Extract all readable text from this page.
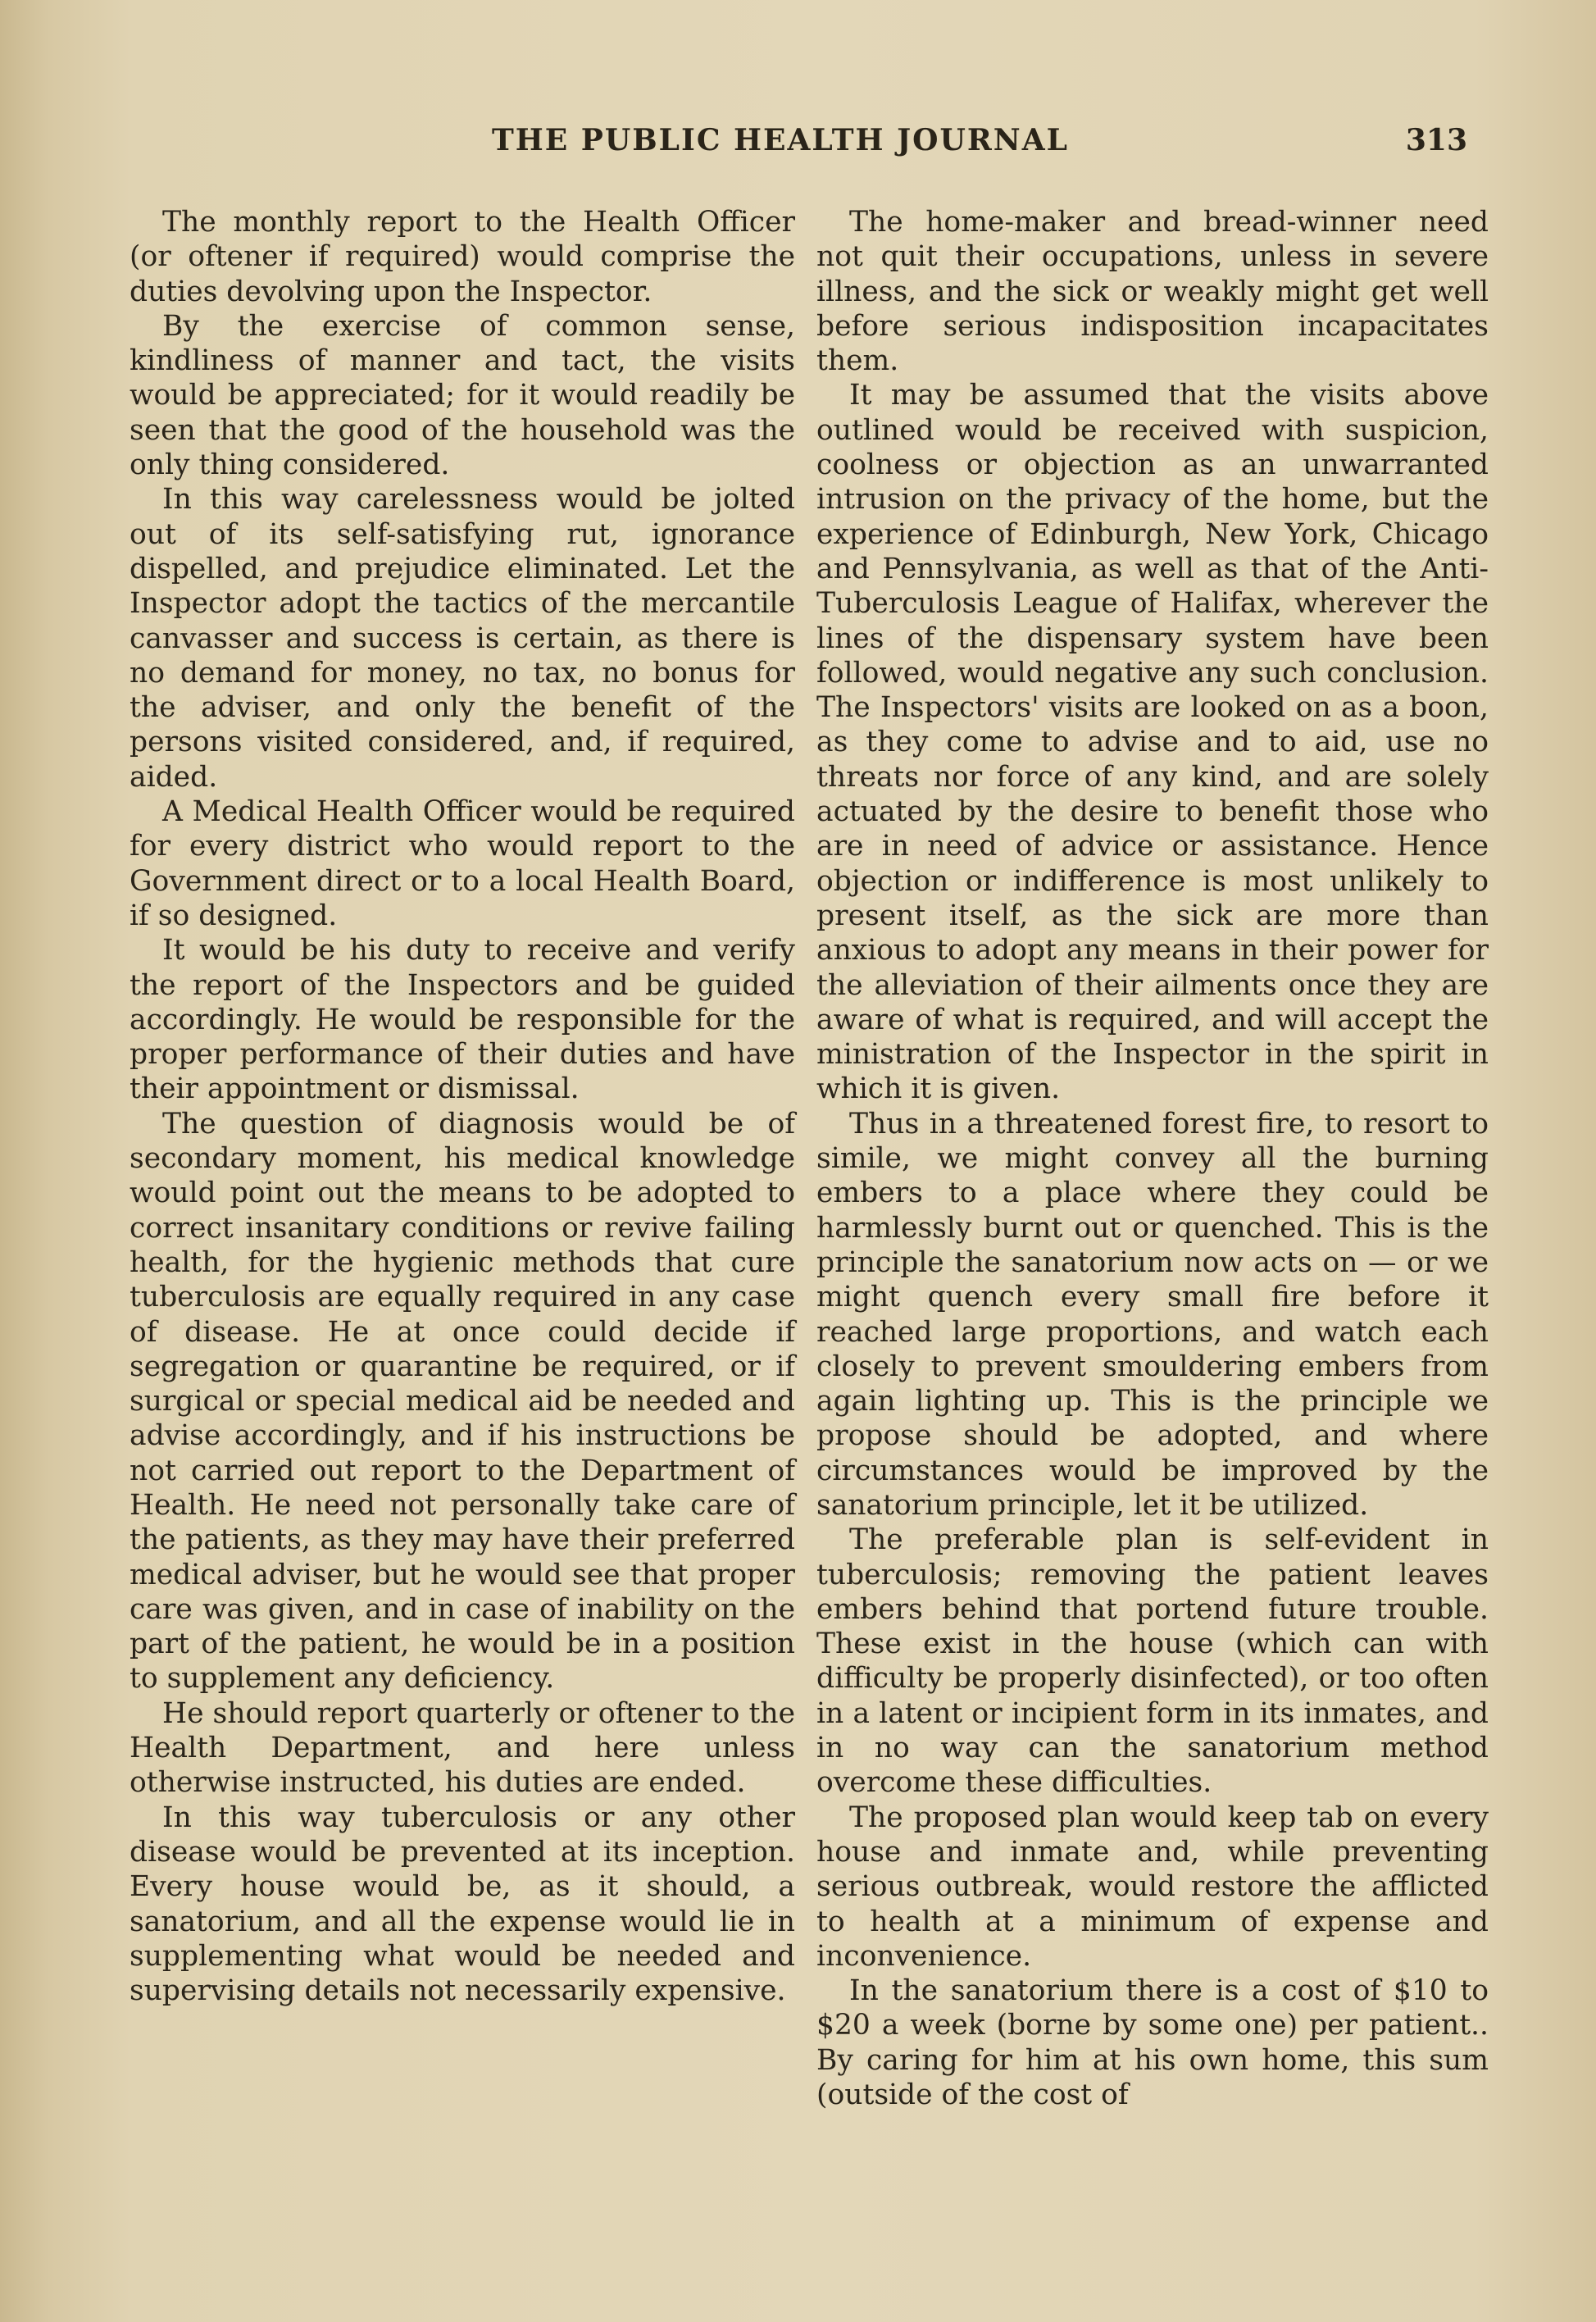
THE PUBLIC HEALTH JOURNAL	313

The monthly report to the Health Officer (or oftener if required) would comprise the duties devolving upon the Inspector.

By the exercise of common sense, kindliness of manner and tact, the visits would be appreciated; for it would readily be seen that the good of the household was the only thing considered.

In this way carelessness would be jolted out of its self-satisfying rut, ignorance dispelled, and prejudice eliminated. Let the Inspector adopt the tactics of the mercantile canvasser and success is certain, as there is no demand for money, no tax, no bonus for the adviser, and only the benefit of the persons visited considered, and, if required, aided.

A Medical Health Officer would be required for every district who would report to the Government direct or to a local Health Board, if so designed.

It would be his duty to receive and verify the report of the Inspectors and be guided accordingly. He would be responsible for the proper performance of their duties and have their appointment or dismissal.

The question of diagnosis would be of secondary moment, his medical knowledge would point out the means to be adopted to correct insanitary conditions or revive failing health, for the hygienic methods that cure tuberculosis are equally required in any case of disease. He at once could decide if segregation or quarantine be required, or if surgical or special medical aid be needed and advise accordingly, and if his instructions be not carried out report to the Department of Health. He need not personally take care of the patients, as they may have their preferred medical adviser, but he would see that proper care was given, and in case of inability on the part of the patient, he would be in a position to supplement any deficiency.

He should report quarterly or oftener to the Health Department, and here unless otherwise instructed, his duties are ended.

In this way tuberculosis or any other disease would be prevented at its inception. Every house would be, as it should, a sanatorium, and all the expense would lie in supplementing what would be needed and supervising details not necessarily expensive.

The home-maker and bread-winner need not quit their occupations, unless in severe illness, and the sick or weakly might get well before serious indisposition incapacitates them.

It may be assumed that the visits above outlined would be received with suspicion, coolness or objection as an unwarranted intrusion on the privacy of the home, but the experience of Edinburgh, New York, Chicago and Pennsylvania, as well as that of the Anti-Tuberculosis League of Halifax, wherever the lines of the dispensary system have been followed, would negative any such conclusion. The Inspectors' visits are looked on as a boon, as they come to advise and to aid, use no threats nor force of any kind, and are solely actuated by the desire to benefit those who are in need of advice or assistance. Hence objection or indifference is most unlikely to present itself, as the sick are more than anxious to adopt any means in their power for the alleviation of their ailments once they are aware of what is required, and will accept the ministration of the Inspector in the spirit in which it is given.

Thus in a threatened forest fire, to resort to simile, we might convey all the burning embers to a place where they could be harmlessly burnt out or quenched. This is the principle the sanatorium now acts on — or we might quench every small fire before it reached large proportions, and watch each closely to prevent smouldering embers from again lighting up. This is the principle we propose should be adopted, and where circumstances would be improved by the sanatorium principle, let it be utilized.

The preferable plan is self-evident in tuberculosis; removing the patient leaves embers behind that portend future trouble. These exist in the house (which can with difficulty be properly disinfected), or too often in a latent or incipient form in its inmates, and in no way can the sanatorium method overcome these difficulties.

The proposed plan would keep tab on every house and inmate and, while preventing serious outbreak, would restore the afflicted to health at a minimum of expense and inconvenience.

In the sanatorium there is a cost of $10 to $20 a week (borne by some one) per patient.. By caring for him at his own home, this sum (outside of the cost of
